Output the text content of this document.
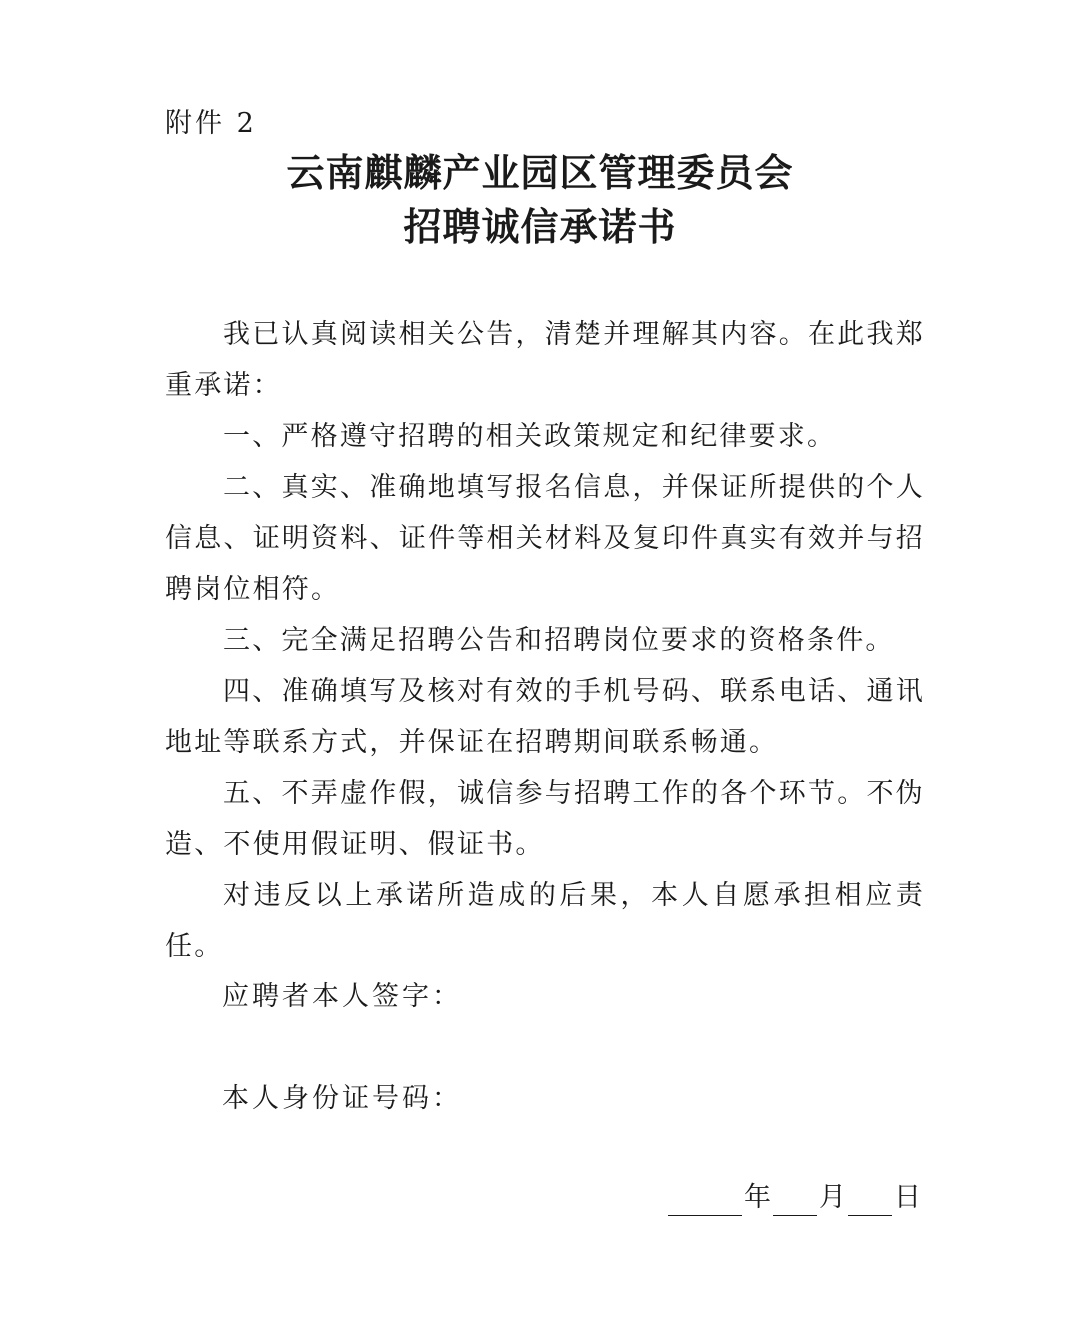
附件 2
云南麒麟产业园区管理委员会
招聘诚信承诺书

我已认真阅读相关公告，清楚并理解其内容。在此我郑重承诺：

一、严格遵守招聘的相关政策规定和纪律要求。

二、真实、准确地填写报名信息，并保证所提供的个人信息、证明资料、证件等相关材料及复印件真实有效并与招聘岗位相符。

三、完全满足招聘公告和招聘岗位要求的资格条件。

四、准确填写及核对有效的手机号码、联系电话、通讯地址等联系方式，并保证在招聘期间联系畅通。

五、不弄虚作假，诚信参与招聘工作的各个环节。不伪造、不使用假证明、假证书。

对违反以上承诺所造成的后果，本人自愿承担相应责任。

应聘者本人签字：
本人身份证号码：
年 月 日
